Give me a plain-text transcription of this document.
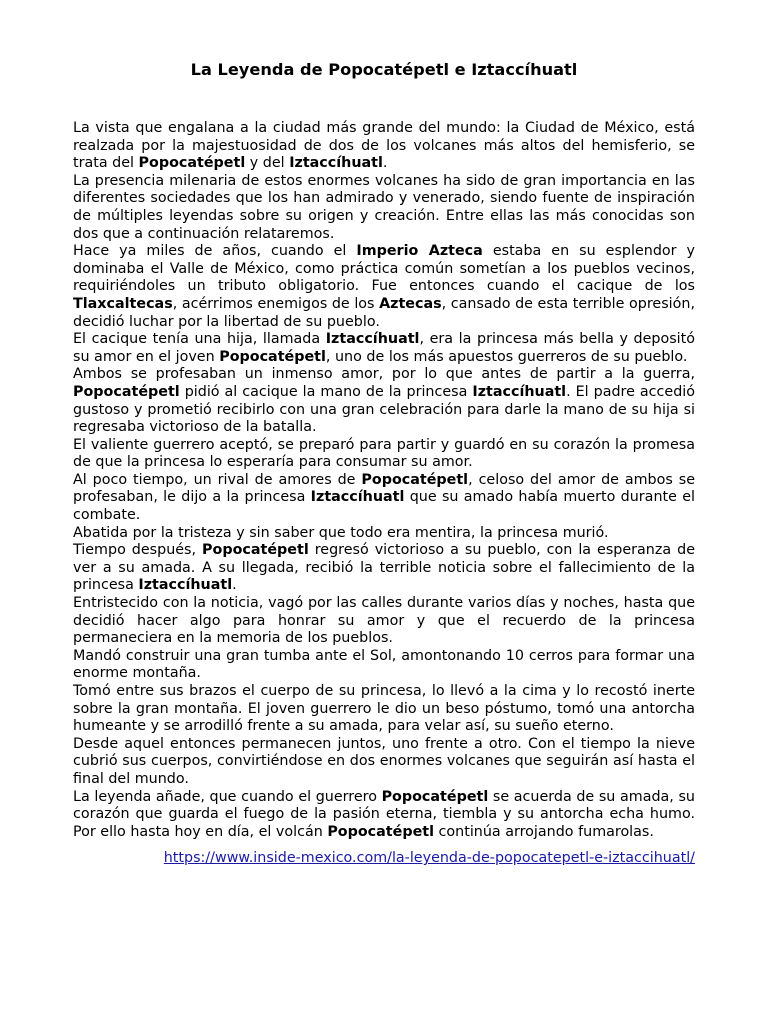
La Leyenda de Popocatépetl e Iztaccíhuatl

La vista que engalana a la ciudad más grande del mundo: la Ciudad de México, está realzada por la majestuosidad de dos de los volcanes más altos del hemisferio, se trata del Popocatépetl y del Iztaccíhuatl.

La presencia milenaria de estos enormes volcanes ha sido de gran importancia en las diferentes sociedades que los han admirado y venerado, siendo fuente de inspiración de múltiples leyendas sobre su origen y creación. Entre ellas las más conocidas son dos que a continuación relataremos.

Hace ya miles de años, cuando el Imperio Azteca estaba en su esplendor y dominaba el Valle de México, como práctica común sometían a los pueblos vecinos, requiriéndoles un tributo obligatorio. Fue entonces cuando el cacique de los Tlaxcaltecas, acérrimos enemigos de los Aztecas, cansado de esta terrible opresión, decidió luchar por la libertad de su pueblo.

El cacique tenía una hija, llamada Iztaccíhuatl, era la princesa más bella y depositó su amor en el joven Popocatépetl, uno de los más apuestos guerreros de su pueblo.

Ambos se profesaban un inmenso amor, por lo que antes de partir a la guerra, Popocatépetl pidió al cacique la mano de la princesa Iztaccíhuatl. El padre accedió gustoso y prometió recibirlo con una gran celebración para darle la mano de su hija si regresaba victorioso de la batalla.

El valiente guerrero aceptó, se preparó para partir y guardó en su corazón la promesa de que la princesa lo esperaría para consumar su amor.

Al poco tiempo, un rival de amores de Popocatépetl, celoso del amor de ambos se profesaban, le dijo a la princesa Iztaccíhuatl que su amado había muerto durante el combate.

Abatida por la tristeza y sin saber que todo era mentira, la princesa murió.

Tiempo después, Popocatépetl regresó victorioso a su pueblo, con la esperanza de ver a su amada. A su llegada, recibió la terrible noticia sobre el fallecimiento de la princesa Iztaccíhuatl.

Entristecido con la noticia, vagó por las calles durante varios días y noches, hasta que decidió hacer algo para honrar su amor y que el recuerdo de la princesa permaneciera en la memoria de los pueblos.

Mandó construir una gran tumba ante el Sol, amontonando 10 cerros para formar una enorme montaña.

Tomó entre sus brazos el cuerpo de su princesa, lo llevó a la cima y lo recostó inerte sobre la gran montaña. El joven guerrero le dio un beso póstumo, tomó una antorcha humeante y se arrodilló frente a su amada, para velar así, su sueño eterno.

Desde aquel entonces permanecen juntos, uno frente a otro. Con el tiempo la nieve cubrió sus cuerpos, convirtiéndose en dos enormes volcanes que seguirán así hasta el final del mundo.

La leyenda añade, que cuando el guerrero Popocatépetl se acuerda de su amada, su corazón que guarda el fuego de la pasión eterna, tiembla y su antorcha echa humo. Por ello hasta hoy en día, el volcán Popocatépetl continúa arrojando fumarolas.

https://www.inside-mexico.com/la-leyenda-de-popocatepetl-e-iztaccihuatl/
